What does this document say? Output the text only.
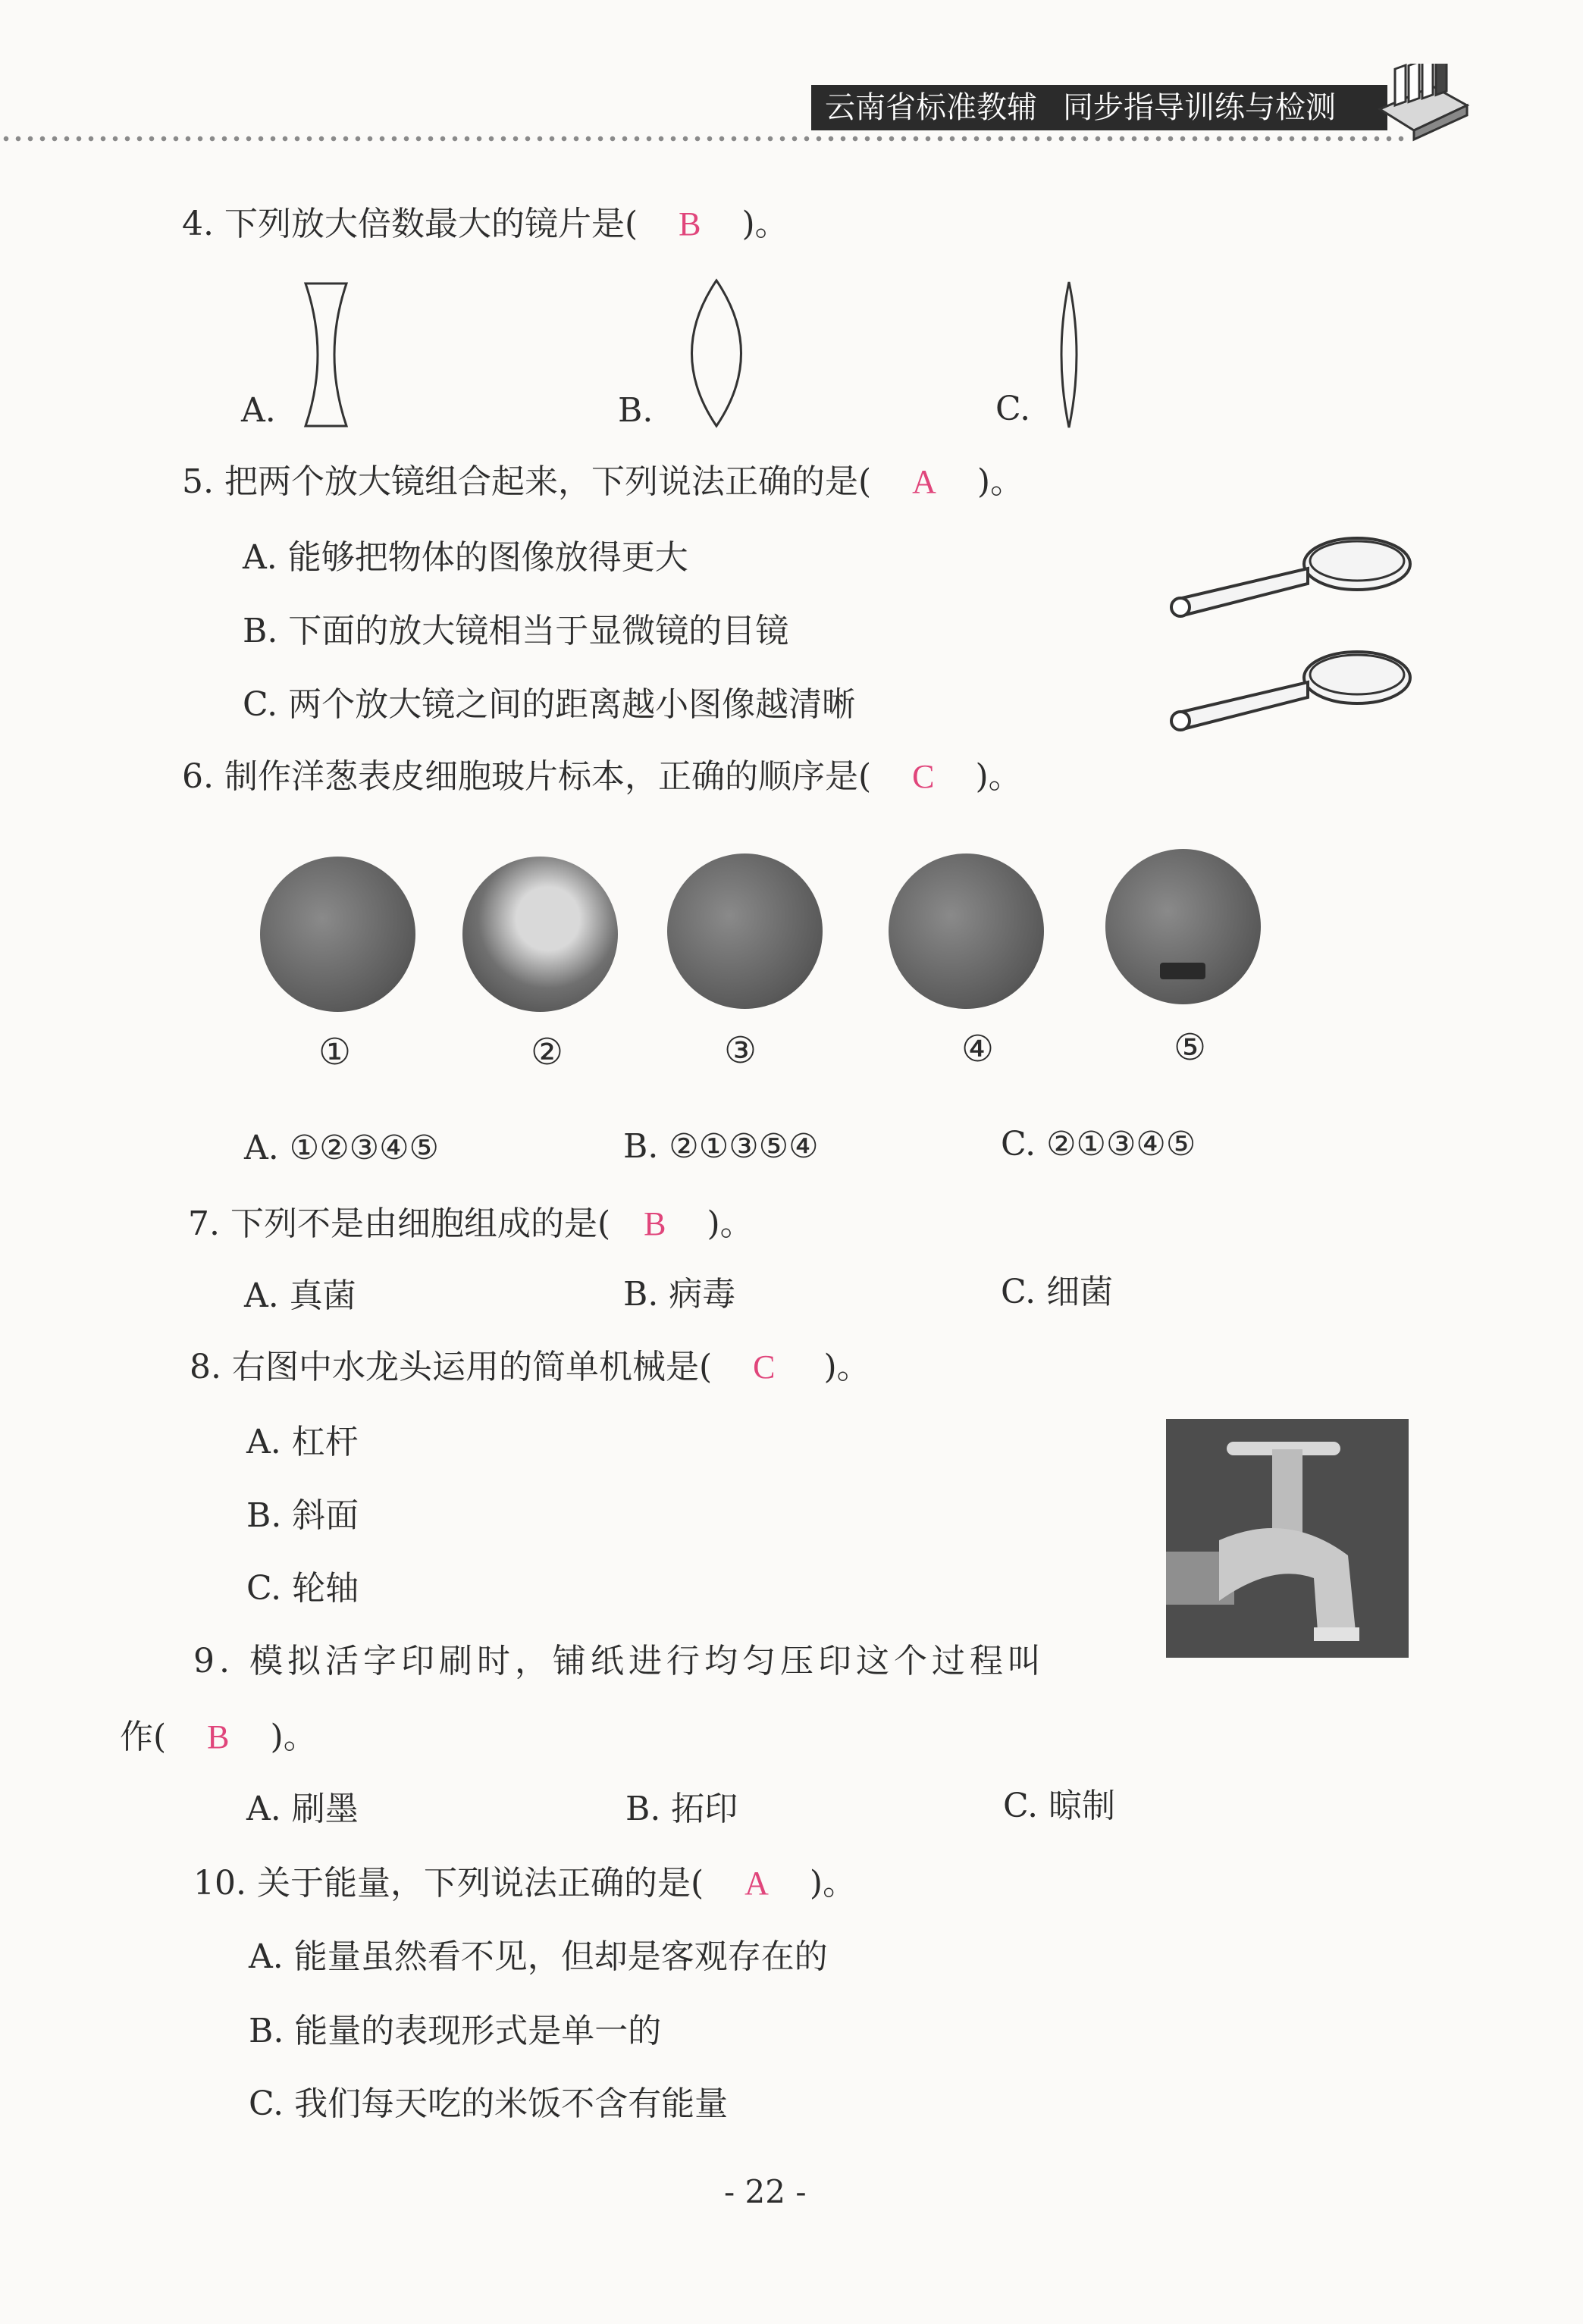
云南省标准教辅 同步指导训练与检测
4. 下列放大倍数最大的镜片是( B )。
A.	B.	C.
5. 把两个放大镜组合起来，下列说法正确的是( A )。
A. 能够把物体的图像放得更大
B. 下面的放大镜相当于显微镜的目镜
C. 两个放大镜之间的距离越小图像越清晰
6. 制作洋葱表皮细胞玻片标本，正确的顺序是( C )。
①	②	③	④	⑤
A. ①②③④⑤	B. ②①③⑤④	C. ②①③④⑤
7. 下列不是由细胞组成的是( B )。
A. 真菌	B. 病毒	C. 细菌
8. 右图中水龙头运用的简单机械是( C )。
A. 杠杆
B. 斜面
C. 轮轴
9. 模拟活字印刷时，铺纸进行均匀压印这个过程叫
作( B )。
A. 刷墨	B. 拓印	C. 晾制
10. 关于能量，下列说法正确的是( A )。
A. 能量虽然看不见，但却是客观存在的
B. 能量的表现形式是单一的
C. 我们每天吃的米饭不含有能量
- 22 -
